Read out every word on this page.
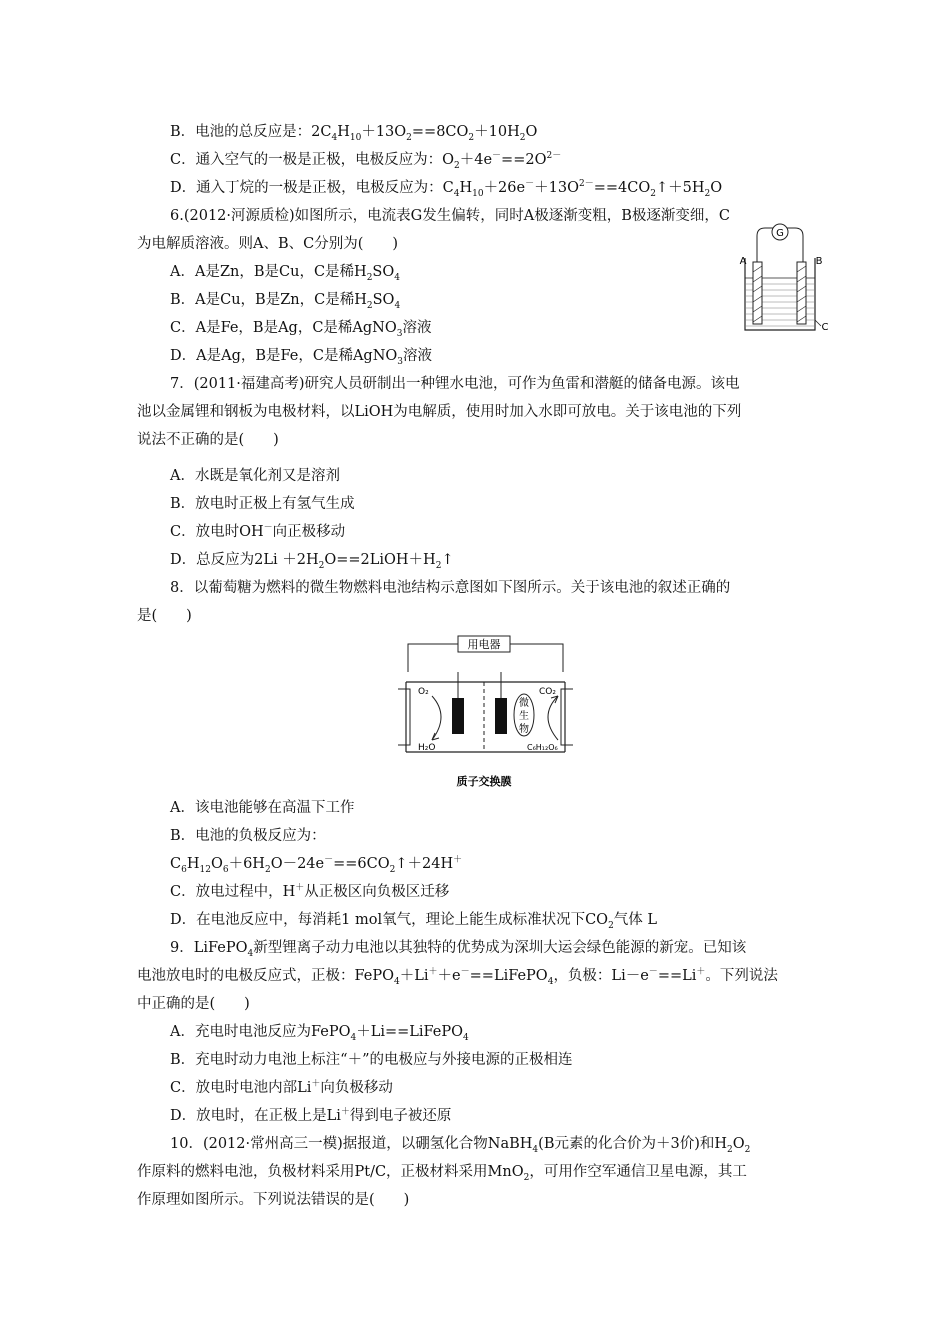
B．电池的总反应是：$2C_4H_{10}+13O_2==8CO_2+10H_2O$
C．通入空气的一极是正极，电极反应为：$O_2+4e^-==2O^{2-}$
D．通入丁烷的一极是正极，电极反应为：$C_4H_{10}+26e^-+13O^{2-}==4CO_2↑+5H_2O$
6.(2012·河源质检)如图所示，电流表G发生偏转，同时A极逐渐变粗，B极逐渐变细，C
为电解质溶液。则A、B、C分别为(　　)
A．A是Zn，B是Cu，C是稀$H_2SO_4$
B．A是Cu，B是Zn，C是稀$H_2SO_4$
C．A是Fe，B是Ag，C是稀AgNO$_3$溶液
D．A是Ag，B是Fe，C是稀AgNO$_3$溶液
G
A	B
C
7．(2011·福建高考)研究人员研制出一种锂水电池，可作为鱼雷和潜艇的储备电源。该电
池以金属锂和钢板为电极材料，以LiOH为电解质，使用时加入水即可放电。关于该电池的下列
说法不正确的是(　　)
A．水既是氧化剂又是溶剂
B．放电时正极上有氢气生成
C．放电时OH－向正极移动
D．总反应为$2Li +2H_2O==2LiOH+H_2↑$
8．以葡萄糖为燃料的微生物燃料电池结构示意图如下图所示。关于该电池的叙述正确的
是(　　)
用电器
微
生
物
O₂
H₂O
CO₂
C₆H₁₂O₆
质子交换膜
A．该电池能够在高温下工作
B．电池的负极反应为：
$C_6H_{12}O_6+6H_2O-24e^-==6CO_2↑+24H^+$
C．放电过程中，H＋从正极区向负极区迁移
D．在电池反应中，每消耗1 mol氧气，理论上能生成标准状况下$CO_2$气体 L
9．LiFePO$_4$新型锂离子动力电池以其独特的优势成为深圳大运会绿色能源的新宠。已知该
电池放电时的电极反应式，正极：FePO$_4$＋Li＋＋e－==LiFePO$_4$，负极：Li－e－==Li＋。下列说法
中正确的是(　　)
A．充电时电池反应为FePO$_4$＋Li==LiFePO$_4$
B．充电时动力电池上标注“＋”的电极应与外接电源的正极相连
C．放电时电池内部Li＋向负极移动
D．放电时，在正极上是Li＋得到电子被还原
10．(2012·常州高三一模)据报道，以硼氢化合物NaBH$_4$(B元素的化合价为＋3价)和$H_2O_2$
作原料的燃料电池，负极材料采用Pt/C，正极材料采用MnO$_2$，可用作空军通信卫星电源，其工
作原理如图所示。下列说法错误的是(　　)
